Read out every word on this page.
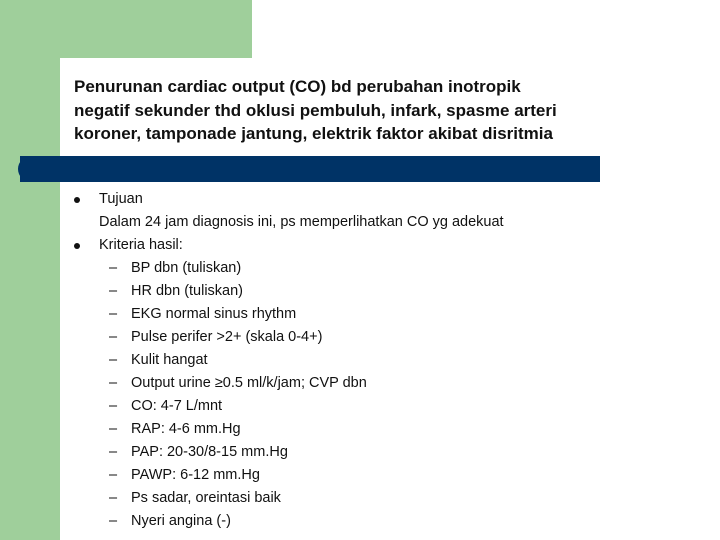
Penurunan cardiac output (CO) bd perubahan inotropik
negatif sekunder thd oklusi pembuluh, infark, spasme arteri
koroner, tamponade jantung, elektrik faktor akibat disritmia
Tujuan
Dalam 24 jam diagnosis ini, ps memperlihatkan CO yg adekuat
Kriteria hasil:
– BP dbn (tuliskan)
– HR dbn (tuliskan)
– EKG normal sinus rhythm
– Pulse perifer >2+ (skala 0-4+)
– Kulit hangat
– Output urine ≥0.5 ml/k/jam; CVP dbn
– CO: 4-7 L/mnt
– RAP: 4-6 mm.Hg
– PAP: 20-30/8-15 mm.Hg
– PAWP: 6-12 mm.Hg
– Ps sadar, oreintasi baik
– Nyeri angina (-)
